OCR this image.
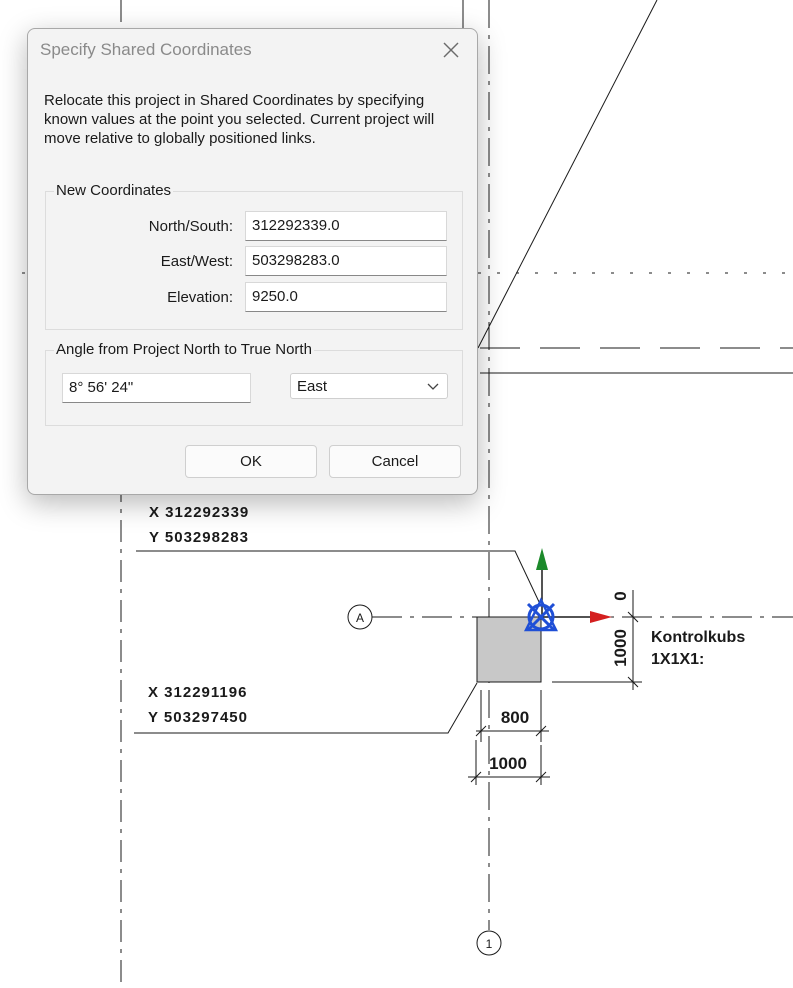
A
1
X 312292339
Y 503298283
X 312291196
Y 503297450
0
1000
800
1000
Kontrolkubs
1X1X1:
Specify Shared Coordinates
Relocate this project in Shared Coordinates by specifying known values at the point you selected. Current project will move relative to globally positioned links.
New Coordinates
North/South:	312292339.0
East/West:	503298283.0
Elevation:	9250.0
Angle from Project North to True North
8° 56' 24"	East
OK	Cancel
